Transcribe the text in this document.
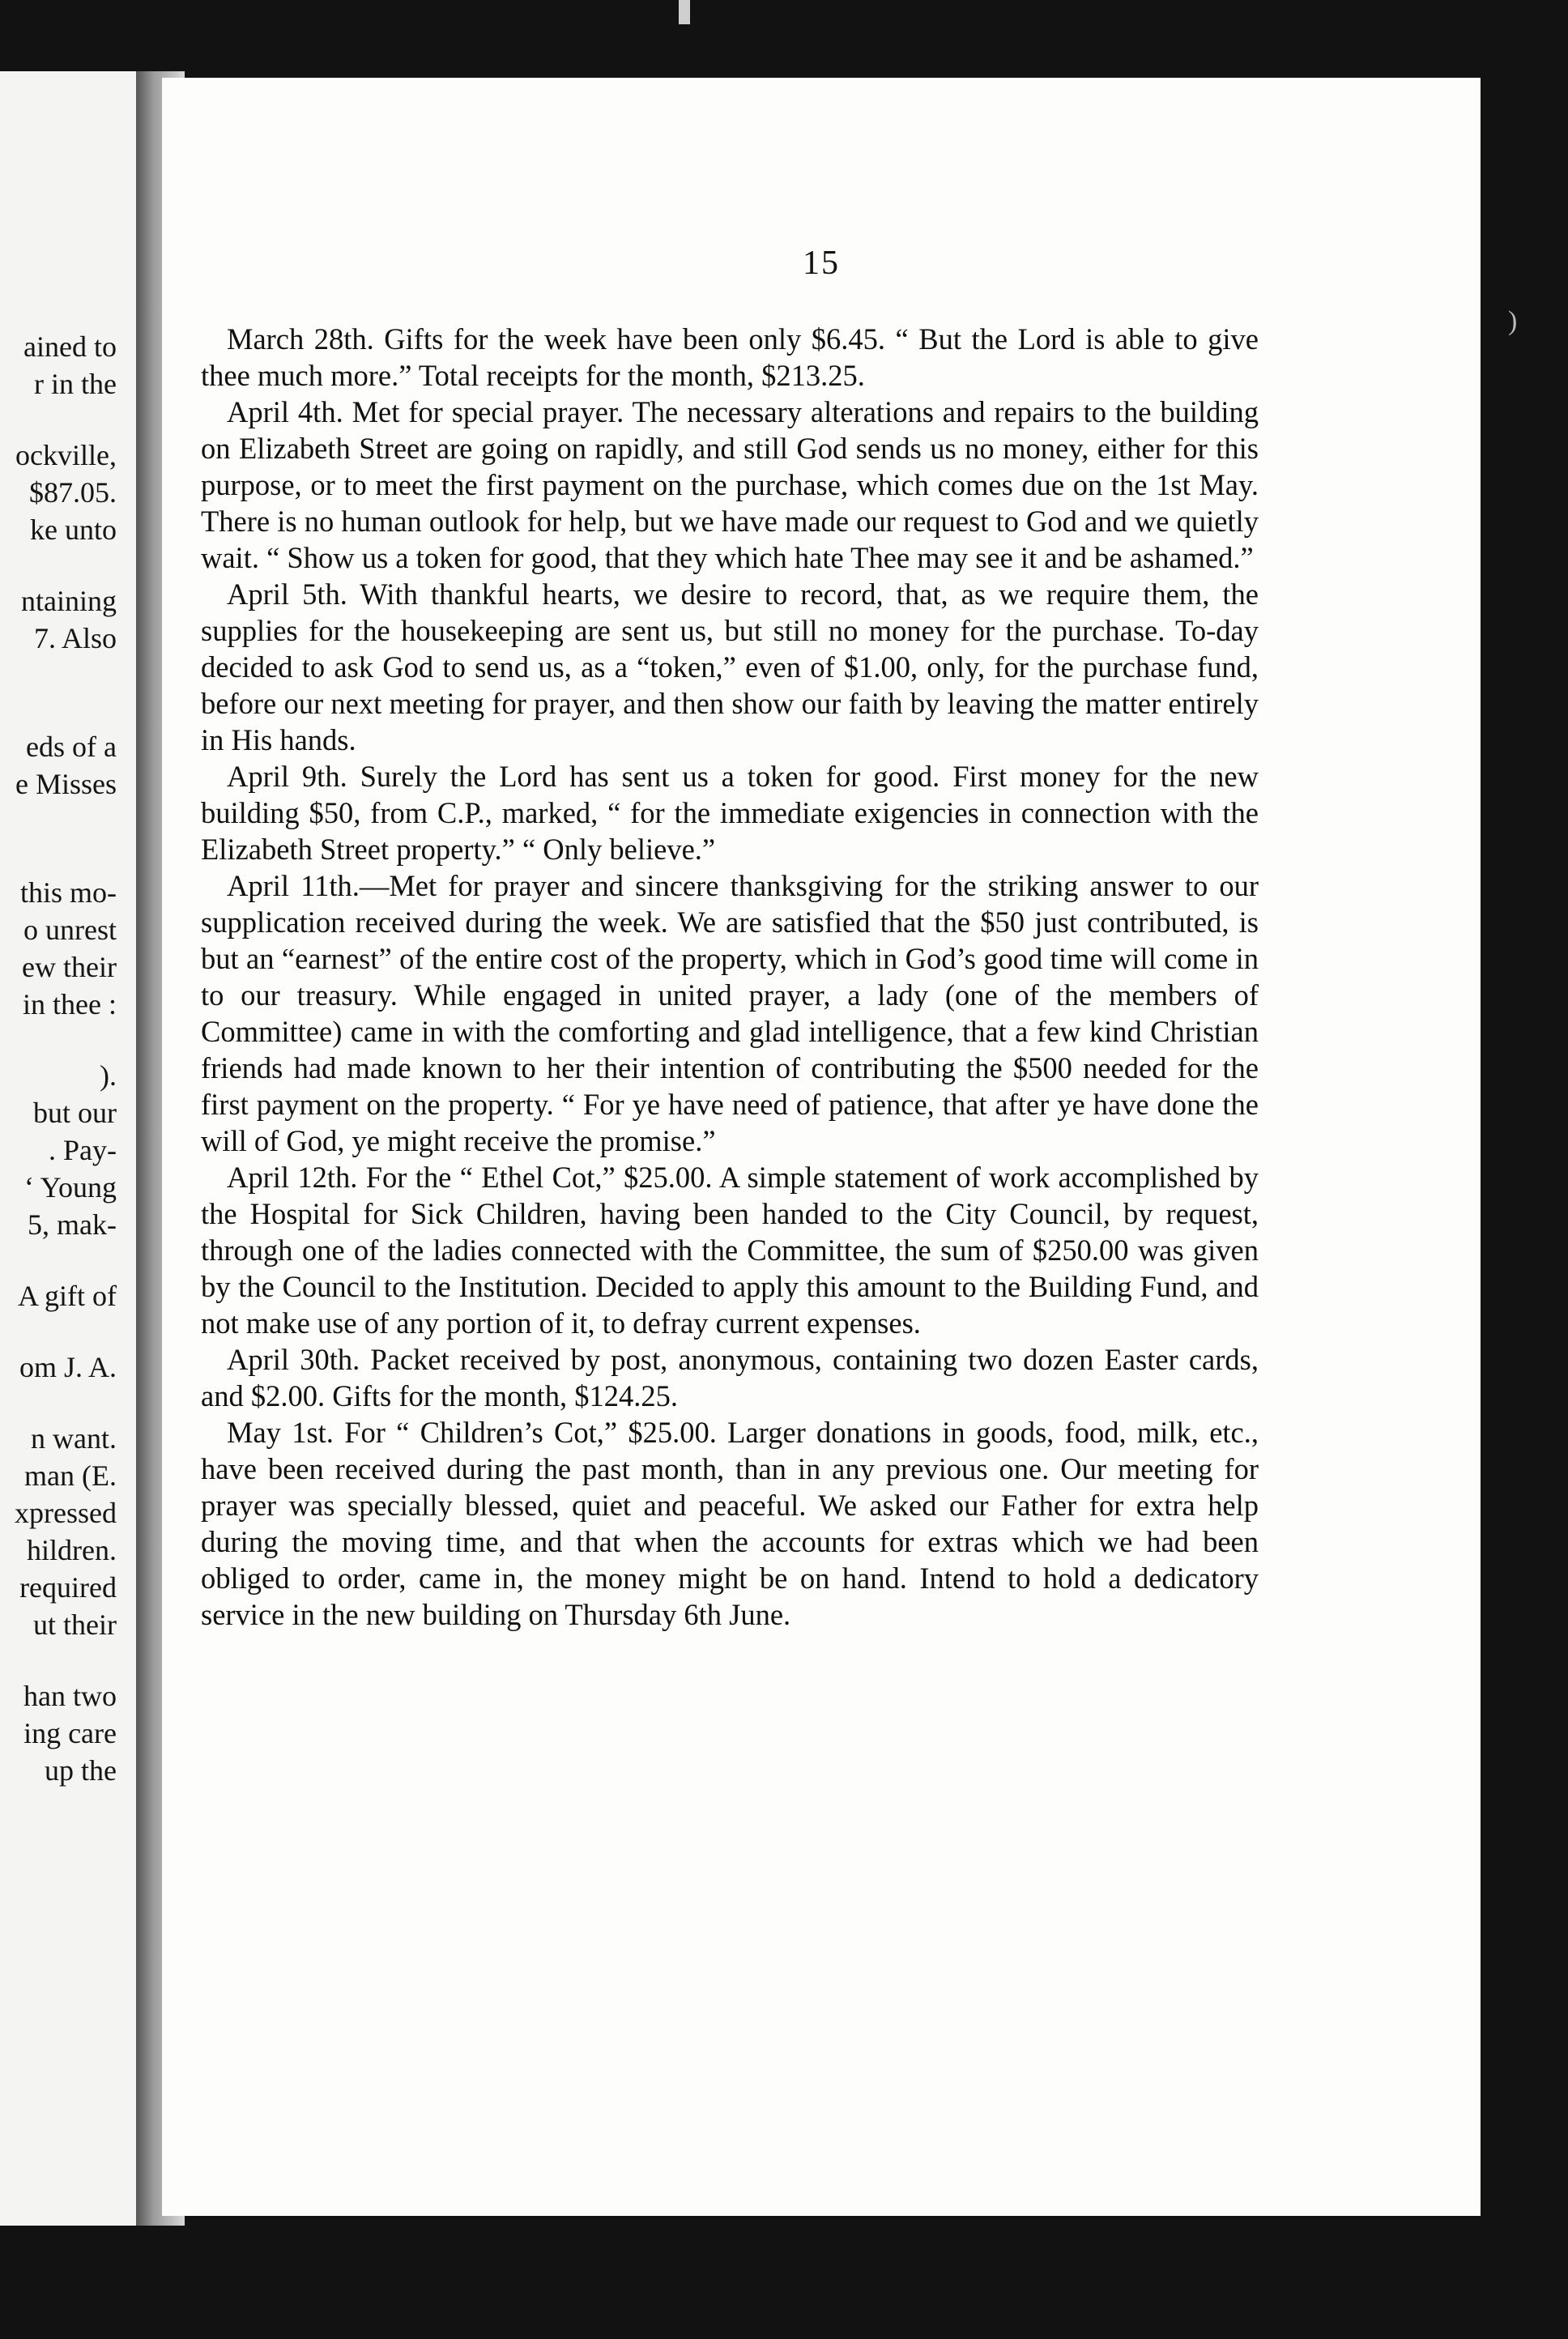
ained to
r in the
ockville,
$87.05.
ke unto
ntaining
7. Also
eds of a
e Misses
this mo-
o unrest
ew their
in thee :
).
but our
. Pay-
‘ Young
5, mak-
A gift of
om J. A.
n want.
man (E.
xpressed
hildren.
required
ut their
han two
ing care
up the
15

March 28th. Gifts for the week have been only $6.45. “ But the Lord is able to give thee much more.” Total receipts for the month, $213.25.

April 4th. Met for special prayer. The necessary alterations and repairs to the building on Elizabeth Street are going on rapidly, and still God sends us no money, either for this purpose, or to meet the first payment on the purchase, which comes due on the 1st May. There is no human outlook for help, but we have made our request to God and we quietly wait. “ Show us a token for good, that they which hate Thee may see it and be ashamed.”

April 5th. With thankful hearts, we desire to record, that, as we require them, the supplies for the housekeeping are sent us, but still no money for the purchase. To-day decided to ask God to send us, as a “token,” even of $1.00, only, for the purchase fund, before our next meeting for prayer, and then show our faith by leaving the matter entirely in His hands.

April 9th. Surely the Lord has sent us a token for good. First money for the new building $50, from C.P., marked, “ for the immediate exigencies in connection with the Elizabeth Street property.” “ Only believe.”

April 11th.—Met for prayer and sincere thanksgiving for the striking answer to our supplication received during the week. We are satisfied that the $50 just contributed, is but an “earnest” of the entire cost of the property, which in God’s good time will come in to our treasury. While engaged in united prayer, a lady (one of the members of Committee) came in with the comforting and glad intelligence, that a few kind Christian friends had made known to her their intention of contributing the $500 needed for the first payment on the property. “ For ye have need of patience, that after ye have done the will of God, ye might receive the promise.”

April 12th. For the “ Ethel Cot,” $25.00. A simple statement of work accomplished by the Hospital for Sick Children, having been handed to the City Council, by request, through one of the ladies connected with the Committee, the sum of $250.00 was given by the Council to the Institution. Decided to apply this amount to the Building Fund, and not make use of any portion of it, to defray current expenses.

April 30th. Packet received by post, anonymous, containing two dozen Easter cards, and $2.00. Gifts for the month, $124.25.

May 1st. For “ Children’s Cot,” $25.00. Larger donations in goods, food, milk, etc., have been received during the past month, than in any previous one. Our meeting for prayer was specially blessed, quiet and peaceful. We asked our Father for extra help during the moving time, and that when the accounts for extras which we had been obliged to order, came in, the money might be on hand. Intend to hold a dedicatory service in the new building on Thursday 6th June.

)
